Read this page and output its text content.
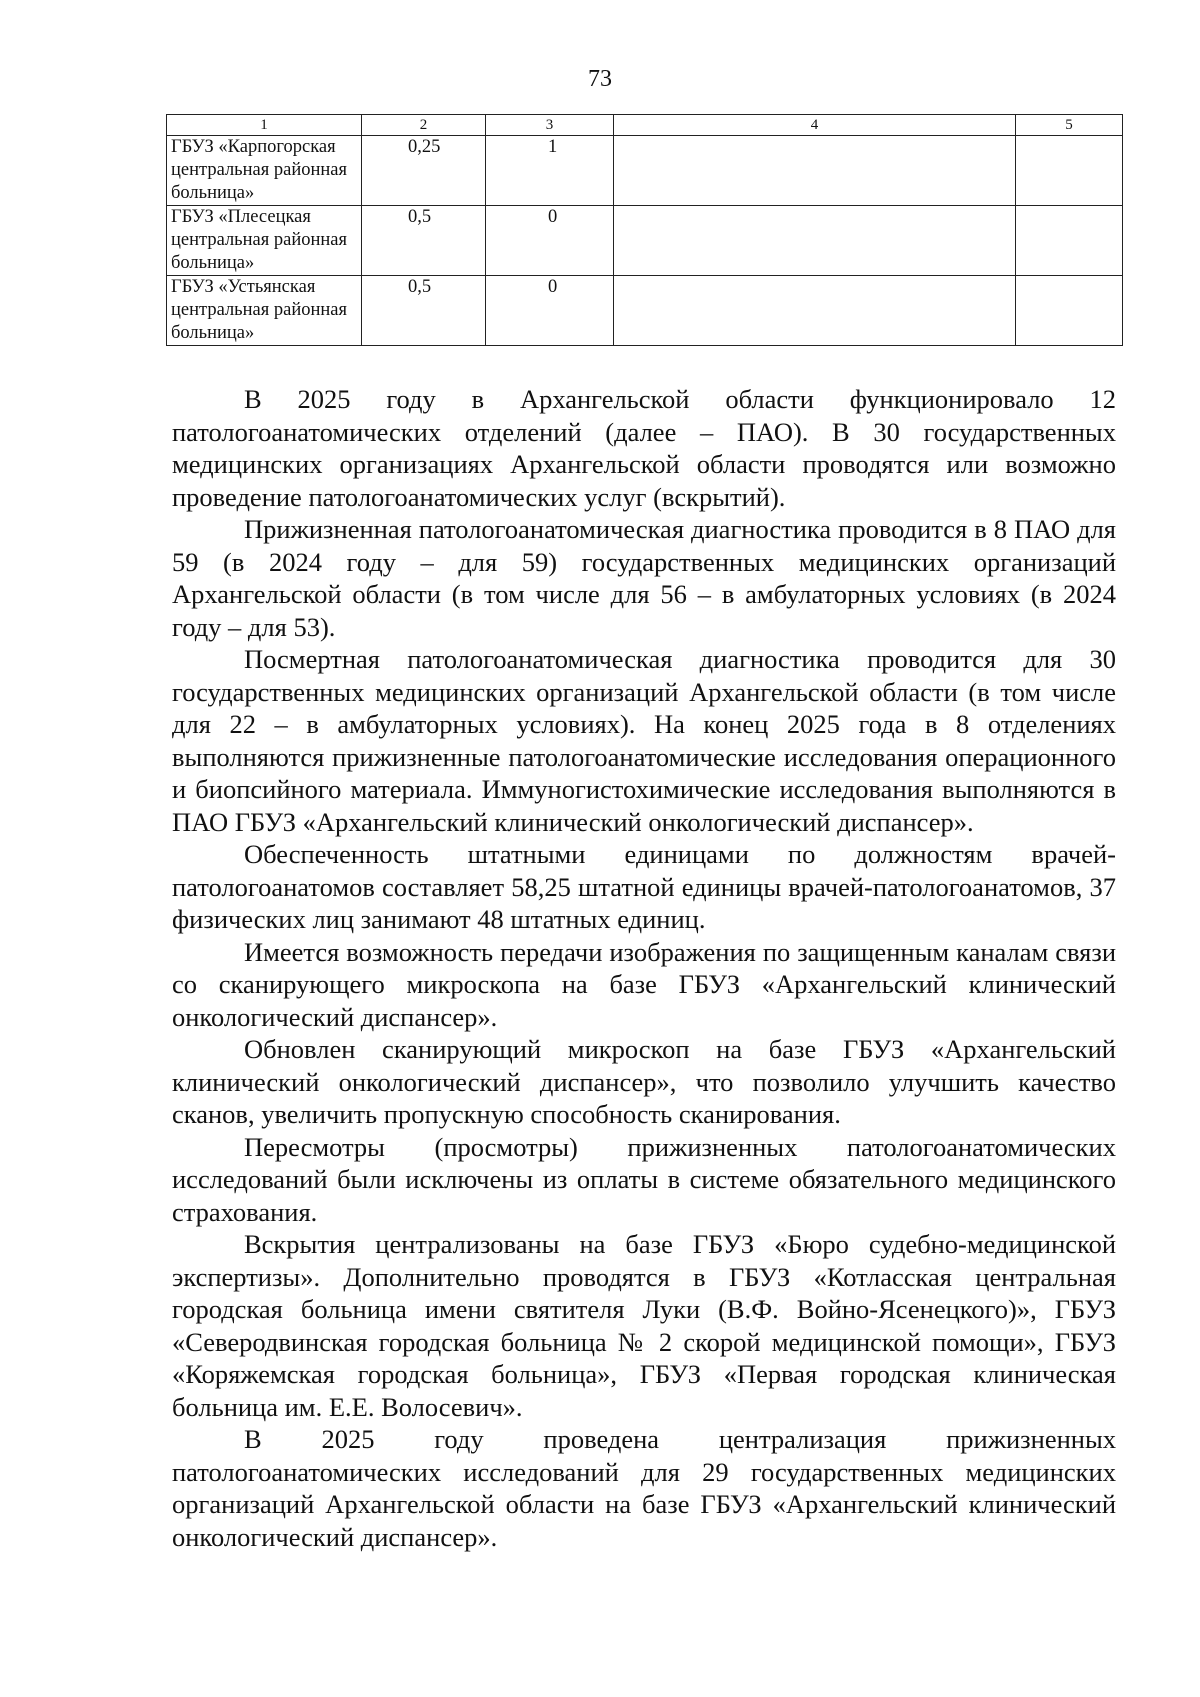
73
1	2	3	4	5
ГБУЗ «Карпогорская центральная районная больница»	0,25	1		
ГБУЗ «Плесецкая центральная районная больница»	0,5	0		
ГБУЗ «Устьянская центральная районная больница»	0,5	0		

В 2025 году в Архангельской области функционировало 12 патологоанатомических отделений (далее – ПАО). В 30 государственных медицинских организациях Архангельской области проводятся или возможно проведение патологоанатомических услуг (вскрытий).

Прижизненная патологоанатомическая диагностика проводится в 8 ПАО для 59 (в 2024 году – для 59) государственных медицинских организаций Архангельской области (в том числе для 56 – в амбулаторных условиях (в 2024 году – для 53).

Посмертная патологоанатомическая диагностика проводится для 30 государственных медицинских организаций Архангельской области (в том числе для 22 – в амбулаторных условиях). На конец 2025 года в 8 отделениях выполняются прижизненные патологоанатомические исследования операционного и биопсийного материала. Иммуногистохимические исследования выполняются в ПАО ГБУЗ «Архангельский клинический онкологический диспансер».

Обеспеченность штатными единицами по должностям врачей-патологоанатомов составляет 58,25 штатной единицы врачей-патологоанатомов, 37 физических лиц занимают 48 штатных единиц.

Имеется возможность передачи изображения по защищенным каналам связи со сканирующего микроскопа на базе ГБУЗ «Архангельский клинический онкологический диспансер».

Обновлен сканирующий микроскоп на базе ГБУЗ «Архангельский клинический онкологический диспансер», что позволило улучшить качество сканов, увеличить пропускную способность сканирования.

Пересмотры (просмотры) прижизненных патологоанатомических исследований были исключены из оплаты в системе обязательного медицинского страхования.

Вскрытия централизованы на базе ГБУЗ «Бюро судебно-медицинской экспертизы». Дополнительно проводятся в ГБУЗ «Котласская центральная городская больница имени святителя Луки (В.Ф. Войно-Ясенецкого)», ГБУЗ «Северодвинская городская больница № 2 скорой медицинской помощи», ГБУЗ «Коряжемская городская больница», ГБУЗ «Первая городская клиническая больница им. Е.Е. Волосевич».

В 2025 году проведена централизация прижизненных патологоанатомических исследований для 29 государственных медицинских организаций Архангельской области на базе ГБУЗ «Архангельский клинический онкологический диспансер».
